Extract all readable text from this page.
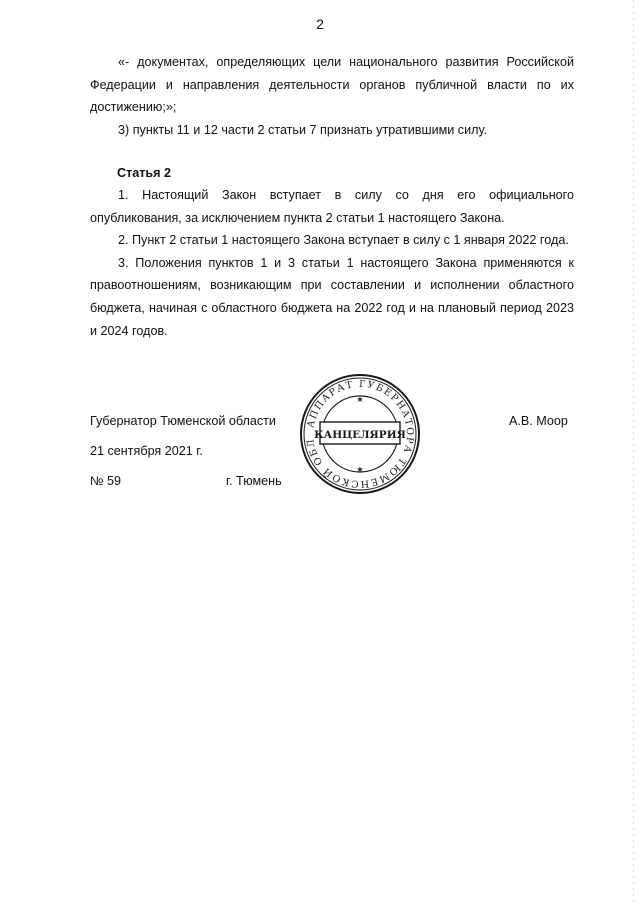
2

«- документах, определяющих цели национального развития Российской Федерации и направления деятельности органов публичной власти по их достижению;»;

3) пункты 11 и 12 части 2 статьи 7 признать утратившими силу.

Статья 2

1. Настоящий Закон вступает в силу со дня его официального опубликования, за исключением пункта 2 статьи 1 настоящего Закона.

2. Пункт 2 статьи 1 настоящего Закона вступает в силу с 1 января 2022 года.

3. Положения пунктов 1 и 3 статьи 1 настоящего Закона применяются к правоотношениям, возникающим при составлении и исполнении областного бюджета, начиная с областного бюджета на 2022 год и на плановый период 2023 и 2024 годов.

Губернатор Тюменской области	А.В. Моор
21 сентября 2021 г.
№ 59	г. Тюмень
АППАРАТ ГУБЕРНАТОРА ТЮМЕНСКОЙ ОБЛ
КАНЦЕЛЯРИЯ
★
★
